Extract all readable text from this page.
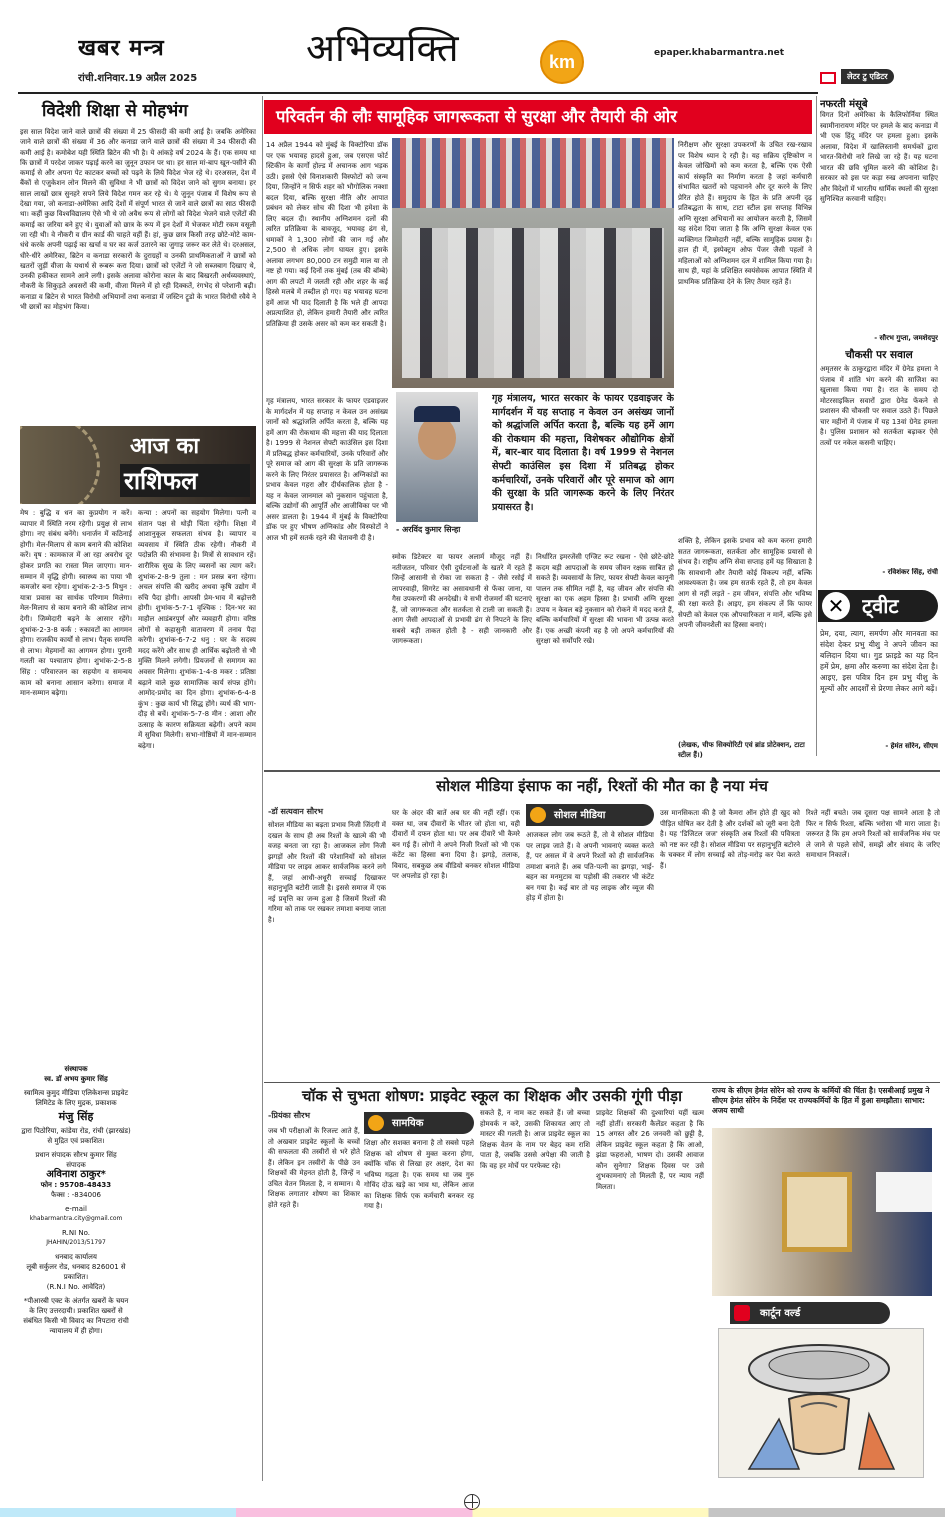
खबर मन्त्र
रांची.शनिवार.19 अप्रैल 2025
अभिव्यक्ति	km	epaper.khabarmantra.net
विदेशी शिक्षा से मोहभंग
इस साल विदेश जाने वाले छात्रों की संख्या में 25 फीसदी की कमी आई है। जबकि अमेरिका जाने वाले छात्रों की संख्या में 36 और कनाडा जाने वाले छात्रों की संख्या में 34 फीसदी की कमी आई है। कमोबेश यही स्थिति ब्रिटेन की भी है। ये आंकड़े वर्ष 2024 के हैं। एक समय था कि छात्रों में परदेश जाकर पढ़ाई करने का जुनून उफान पर था। हर साल मां-बाप खून-पसीने की कमाई से और अपना पेट काटकर बच्चों को पढ़ने के लिये विदेश भेज रहे थे। दरअसल, देश में बैंकों से एजुकेशन लोन मिलने की सुविधा ने भी छात्रों को विदेश जाने को सुगम बनाया। हर साल लाखों छात्र सुनहरे सपने लिये विदेश गमन कर रहे थे। ये जुनून पंजाब में विशेष रूप से देखा गया, जो कनाडा-अमेरिका आदि देशों में संपूर्ण भारत से जाने वाले छात्रों का साठ फीसदी था। कहीं कुछ विश्वविद्यालय ऐसे भी थे जो अवैध रूप से लोगों को विदेश भेजने वाले एजेंटों की कमाई का जरिया बने हुए थे। युवाओं को छात्र के रूप में इन देशों में भेजकर मोटी रकम वसूली जा रही थी। वे नौकरी व ग्रीन कार्ड की चाहते वहीं हैं। हां, कुछ छात्र किसी तरह छोटे-मोटे काम-धंधे करके अपनी पढ़ाई का खर्चा व घर का कर्ज उतारने का जुगाड़ जरूर कर लेते थे। दरअसल, धीरे-धीरे अमेरिका, ब्रिटेन व कनाडा सरकारों के दुराग्रहों व उनकी प्राथमिकताओं ने छात्रों को खतरों जुड़ीं वीजा के यथार्थ से रूबरू करा दिया। छात्रों को एजेंटों ने जो सब्जबाग दिखाए थे, उनकी हकीकत सामने आने लगी। इसके अलावा कोरोना काल के बाद बिखरती अर्थव्यवस्थाएं, नौकरी के सिकुड़ते अवसरों की कमी, वीजा मिलने में हो रही दिक्कतें, रंगभेद से परेशानी बढ़ी। कनाडा व ब्रिटेन से भारत विरोधी अभियानों तथा कनाडा में जस्टिन ट्रूडो के भारत विरोधी रवैये ने भी छात्रों का मोहभंग किया।
आज का
राशिफल
मेष : बुद्धि व धन का कुप्रयोग न करें। व्यापार में स्थिति नरम रहेगी। प्रयुक्ष से लाभ होगा। नए संबंध बनेंगे। धनार्जन में कठिनाई होगी। मेल-मिलाप से काम बनाने की कोशिश करें। वृष : कामकाज में आ रहा अवरोध दूर होकर प्रगति का रास्ता मिल जाएगा। मान-सम्मान में वृद्धि होगी। स्वास्थ्य का पाया भी कमजोर बना रहेगा। शुभांक-2-3-5 मिथुन : यात्रा प्रवास का सार्थक परिणाम मिलेगा। मेल-मिलाप से काम बनाने की कोशिश लाभ देगी। जिम्मेदारी बढ़ने के आसार रहेंगे। शुभांक-2-3-8 कर्क : रुकावटों का आगमन होगा। राजकीय कार्यों से लाभ। पैतृक सम्पत्ति से लाभ। मेहमानों का आगमन होगा। पुरानी गलती का पश्चाताप होगा। शुभांक-2-5-8 सिंह : परिवारजन का सहयोग व समन्वय काम को बनाना आसान करेगा। समाज में मान-सम्मान बढ़ेगा।
कन्या : अपनों का सहयोग मिलेगा। पत्नी व संतान पक्ष से थोड़ी चिंता रहेगी। शिक्षा में आशानुकूल सफलता संभव है। व्यापार व व्यवसाय में स्थिति ठीक रहेगी। नौकरी में पदोन्नति की संभावना है। मित्रों से सावधान रहें। शारीरिक सुख के लिए व्यसनों का त्याग करें। शुभांक-2-8-9 तुला : मन प्रसन्न बना रहेगा। अचल संपत्ति की खरीद अथवा कृषि उद्योग में रुचि पैदा होगी। आपसी प्रेम-भाव में बढ़ोत्तरी होगी। शुभांक-5-7-1 वृश्चिक : दिन-भर का माहौल आडंबरपूर्ण और व्यवहारी होगा। वरिष्ठ लोगों से कहासुनी वातावरण में तनाव पैदा करेगी। शुभांक-6-7-2 धनु : घर के सदस्य मदद करेंगे और साथ ही आर्थिक बढ़ोतरी से भी मुक्ति मिलने लगेगी। प्रियजनों से समागम का अवसर मिलेगा। शुभांक-1-4-8 मकर : प्रतिष्ठा बढ़ाने वाले कुछ सामाजिक कार्य संपन्न होंगे। आमोद-प्रमोद का दिन होगा। शुभांक-6-4-8 कुंभ : कुछ कार्य भी सिद्ध होंगे। व्यर्थ की भाग-दौड़ से बचें। शुभांक-5-7-8 मीन : आशा और उत्साह के कारण सक्रियता बढ़ेगी। अपने काम में सुविधा मिलेगी। सभा-गोष्ठियों में मान-सम्मान बढ़ेगा।
संस्थापक
स्व. डॉ अभय कुमार सिंह
स्वामित्व कुमुद मीडिया एलिकेशन्स प्राइवेट लिमिटेड के लिए मुद्रक, प्रकाशक
मंजु सिंह
द्वारा पिठोरिया, कांडेया रोड, रांची (झारखंड) से मुद्रित एवं प्रकाशित।
प्रधान संपादक सौरभ कुमार सिंह
संपादक
अविनाश ठाकुर*
फोन : 95708-48433
फैक्स : -834006
e-mail
khabarmantra.city@gmail.com
R.NI No.
JHAHIN/2013/51797
धनबाद कार्यालय
लूबी सर्कुलर रोड, धनबाद 826001 से प्रकाशित।
(R.N.I No. आवेदित)
*पीआरबी एक्ट के अंतर्गत खबरों के चयन के लिए उत्तरदायी। प्रकाशित खबरों से संबंधित किसी भी विवाद का निपटारा रांची न्यायालय में ही होगा।
परिवर्तन की लौः सामूहिक जागरूकता से सुरक्षा और तैयारी की ओर
14 अप्रैल 1944 को मुंबई के विक्टोरिया डॉक पर एक भयावह हादसे हुआ, जब एसएस फोर्ट स्टिकीन के कार्गो होल्ड में अचानक आग भड़क उठी। इससे ऐसे विनाशकारी विस्फोटों को जन्म दिया, जिन्होंने न सिर्फ शहर को भौगोलिक नक्शा बदल दिया, बल्कि सुरक्षा नीति और आपात प्रबंधन को लेकर सोच की दिशा भी हमेशा के लिए बदल दी। स्थानीय अग्निशमन दलों की त्वरित प्रतिक्रिया के बावजूद, भयावह ढंग से, धमाकों ने 1,300 लोगों की जान गई और 2,500 से अधिक लोग घायल हुए। इसके अलावा लगभग 80,000 टन समुद्री माल या तो नष्ट हो गया। कई दिनों तक मुंबई (तब की बॉम्बे) आग की लपटों में जलती रही और शहर के कई हिस्से मलबे में तब्दील हो गए। यह भयावह घटना हमें आज भी याद दिलाती है कि भले ही आपदा अप्रत्याशित हो, लेकिन हमारी तैयारी और त्वरित प्रतिक्रिया ही उसके असर को कम कर सकती है।
गृह मंत्रालय, भारत सरकार के फायर एडवाइजर के मार्गदर्शन में यह सप्ताह न केवल उन असंख्य जानों को श्रद्धांजलि अर्पित करता है, बल्कि यह हमें आग की रोकथाम की महत्ता की याद दिलाता है। 1999 से नेशनल सेफ्टी काउंसिल इस दिशा में प्रतिबद्ध होकर कर्मचारियों, उनके परिवारों और पूरे समाज को आग की सुरक्षा के प्रति जागरूक करने के लिए निरंतर प्रयासरत है। अग्निकांडों का प्रभाव केवल गहरा और दीर्घकालिक होता है - यह न केवल जानमाल को नुकसान पहुंचाता है, बल्कि उद्योगों की आपूर्ति और आजीविका पर भी असर डालता है। 1944 में मुंबई के विक्टोरिया डॉक पर हुए भीषण अग्निकांड और विस्फोटों ने आज भी हमें सतर्क रहने की चेतावनी दी है।
निरीक्षण और सुरक्षा उपकरणों के उचित रख-रखाव पर विशेष ध्यान दे रही है। यह सक्रिय दृष्टिकोण न केवल जोखिमों को कम करता है, बल्कि एक ऐसी कार्य संस्कृति का निर्माण करता है जहां कर्मचारी संभावित खतरों को पहचानने और दूर करने के लिए प्रेरित होते हैं। समुदाय के हित के प्रति अपनी दृढ़ प्रतिबद्धता के साथ, टाटा स्टील इस सप्ताह विभिन्न अग्नि सुरक्षा अभियानों का आयोजन करती है, जिसमें यह संदेश दिया जाता है कि अग्नि सुरक्षा केवल एक व्यक्तिगत जिम्मेदारी नहीं, बल्कि सामूहिक प्रयास है। हाल ही में, इस्पेक्ट्रम ओफ पेंजर जैसी पहलों ने महिलाओं को अग्निशमन दल में शामिल किया गया है। साथ ही, यहां के प्रशिक्षित स्वयंसेवक आपात स्थिति में प्राथमिक प्रतिक्रिया देने के लिए तैयार रहते हैं।
- अरविंद कुमार सिन्हा
गृह मंत्रालय, भारत सरकार के फायर एडवाइजर के मार्गदर्शन में यह सप्ताह न केवल उन असंख्य जानों को श्रद्धांजलि अर्पित करता है, बल्कि यह हमें आग की रोकथाम की महत्ता, विशेषकर औद्योगिक क्षेत्रों में, बार-बार याद दिलाता है। वर्ष 1999 से नेशनल सेफ्टी काउंसिल इस दिशा में प्रतिबद्ध होकर कर्मचारियों, उनके परिवारों और पूरे समाज को आग की सुरक्षा के प्रति जागरूक करने के लिए निरंतर प्रयासरत है।
स्मोक डिटेक्टर या फायर अलार्म मौजूद नहीं हैं। नतीजतन, परिवार ऐसी दुर्घटनाओं के खतरे में रहते हैं जिन्हें आसानी से रोका जा सकता है - जैसे रसोई में लापरवाही, सिगरेट का असावधानी से फेंका जाना, या गैस उपकरणों की अनदेखी। ये सभी रोजमर्रा की घटनाएं हैं, जो जागरूकता और सतर्कता से टाली जा सकती हैं। आग जैसी आपदाओं से प्रभावी ढंग से निपटने के लिए सबसे बड़ी ताकत होती है - सही जानकारी और जागरूकता।
निर्धारित इमरजेंसी एग्जिट रूट रखना - ऐसे छोटे-छोटे कदम बड़ी आपदाओं के समय जीवन रक्षक साबित हो सकते हैं। व्यवसायों के लिए, फायर सेफ्टी केवल कानूनी पालन तक सीमित नहीं है, यह जीवन और संपत्ति की सुरक्षा का एक अहम हिस्सा है। प्रभावी अग्नि सुरक्षा उपाय न केवल बड़े नुकसान को रोकने में मदद करते हैं, बल्कि कर्मचारियों में सुरक्षा की भावना भी उत्पन्न करते हैं। एक अच्छी कंपनी वह है जो अपने कर्मचारियों की सुरक्षा को सर्वोपरि रखे।
शक्ति है, लेकिन इसके प्रभाव को कम करना हमारी सतत जागरूकता, सतर्कता और सामूहिक प्रयासों से संभव है। राष्ट्रीय अग्नि सेवा सप्ताह हमें यह सिखाता है कि सावधानी और तैयारी कोई विकल्प नहीं, बल्कि आवश्यकता है। जब हम सतर्क रहते हैं, तो हम केवल आग से नहीं लड़ते - हम जीवन, संपत्ति और भविष्य की रक्षा करते हैं। आइए, हम संकल्प लें कि फायर सेफ्टी को केवल एक औपचारिकता न मानें, बल्कि इसे अपनी जीवनशैली का हिस्सा बनाएं।
(लेखक, चीफ सिक्योरिटी एवं ब्रांड प्रोटेक्शन, टाटा स्टील हैं।)
लेटर टु एडिटर
नफरती मंसूबे
विगत दिनों अमेरिका के कैलिफोर्निया स्थित स्वामीनारायण मंदिर पर हमले के बाद कनाडा में भी एक हिंदू मंदिर पर हमला हुआ। इसके अलावा, विदेश में खालिस्तानी समर्थकों द्वारा भारत-विरोधी नारे लिखे जा रहे हैं। यह घटना भारत की छवि धूमिल करने की कोशिश है। सरकार को इस पर कड़ा रुख अपनाना चाहिए और विदेशों में भारतीय धार्मिक स्थलों की सुरक्षा सुनिश्चित करवानी चाहिए।
- सौरभ गुप्ता, जमशेदपुर
चौकसी पर सवाल
अमृतसर के ठाकुरद्वारा मंदिर में ग्रेनेड हमला ने पंजाब में शांति भंग करने की साजिश का खुलासा किया गया है। रात के समय दो मोटरसाइकिल सवारों द्वारा ग्रेनेड फेंकने से प्रशासन की चौकसी पर सवाल उठते हैं। पिछले चार महीनों में पंजाब में यह 13वां ग्रेनेड हमला है। पुलिस प्रशासन को सतर्कता बढ़ाकर ऐसे तत्वों पर नकेल कसनी चाहिए।
- रविशंकर सिंह, रांची
✕ ट्वीट
प्रेम, दया, त्याग, समर्पण और मानवता का संदेश देकर प्रभु यीशु ने अपने जीवन का बलिदान दिया था। गुड फ्राइडे का यह दिन हमें प्रेम, क्षमा और करुणा का संदेश देता है। आइए, इस पवित्र दिन हम प्रभु यीशु के मूल्यों और आदर्शों से प्रेरणा लेकर आगे बढ़ें।
- हेमंत सोरेन, सीएम
सोशल मीडिया इंसाफ का नहीं, रिश्तों की मौत का है नया मंच
-डॉ सत्यवान सौरभ	सोशल मीडिया
सोशल मीडिया का बढ़ता प्रभाव निजी जिंदगी में दखल के साथ ही अब रिश्तों के खात्मे की भी वजह बनता जा रहा है। आजकल लोग निजी झगड़ों और रिश्तों की परेशानियों को सोशल मीडिया पर लाइव आकर सार्वजनिक करने लगे हैं, जहां आधी-अधूरी सच्चाई दिखाकर सहानुभूति बटोरी जाती है। इससे समाज में एक नई प्रवृत्ति का जन्म हुआ है जिसमें रिश्तों की गरिमा को ताक पर रखकर तमाशा बनाया जाता है।
घर के अंदर की बातें अब घर की नहीं रहीं। एक वक्त था, जब दीवारों के भीतर जो होता था, वही दीवारों में दफन होता था। पर अब दीवारें भी कैमरे बन गई हैं। लोगों ने अपने निजी रिश्तों को भी एक कंटेंट का हिस्सा बना दिया है। झगड़े, तलाक, विवाद, सबकुछ अब वीडियो बनकर सोशल मीडिया पर अपलोड हो रहा है।
आजकल लोग जब रूठते हैं, तो वे सोशल मीडिया पर लाइव जाते हैं। वे अपनी भावनाएं व्यक्त करते हैं, पर असल में वे अपने रिश्तों को ही सार्वजनिक तमाशा बनाते हैं। अब पति-पत्नी का झगड़ा, भाई-बहन का मनमुटाव या पड़ोसी की तकरार भी कंटेंट बन गया है। कई बार तो यह लाइक और व्यूज की होड़ में होता है।
उस मानसिकता की है जो कैमरा ऑन होते ही खुद को पीड़ित घोषित कर देती है और दर्शकों को जूरी बना देती है। यह 'डिजिटल जज' संस्कृति अब रिश्तों की पवित्रता को नष्ट कर रही है। सोशल मीडिया पर सहानुभूति बटोरने के चक्कर में लोग सच्चाई को तोड़-मरोड़ कर पेश करते हैं।
रिश्ते नहीं बचते। जब दूसरा पक्ष सामने आता है तो फिर न सिर्फ रिश्ता, बल्कि भरोसा भी मारा जाता है। जरूरत है कि हम अपने रिश्तों को सार्वजनिक मंच पर ले जाने से पहले सोचें, समझें और संवाद के जरिए समाधान निकालें।
चॉक से चुभता शोषण: प्राइवेट स्कूल का शिक्षक और उसकी गूंगी पीड़ा
-प्रियंका सौरभ
सामयिक
जब भी परीक्षाओं के रिजल्ट आते हैं, तो अखबार प्राइवेट स्कूलों के बच्चों की सफलता की तस्वीरों से भरे होते हैं। लेकिन इन तस्वीरों के पीछे उन शिक्षकों की मेहनत होती है, जिन्हें न उचित वेतन मिलता है, न सम्मान। ये शिक्षक लगातार शोषण का शिकार होते रहते हैं।
शिक्षा और सशक्त बनाना है तो सबसे पहले शिक्षक को शोषण से मुक्त करना होगा, क्योंकि चॉक से लिखा हर अक्षर, देश का भविष्य गढ़ता है। एक समय था जब गुरु गोविंद दोऊ खड़े का भाव था, लेकिन आज का शिक्षक सिर्फ एक कर्मचारी बनकर रह गया है।
सकते हैं, न नाम कट सकते हैं। जो बच्चा होमवर्क न करे, उसकी शिकायत आए तो मास्टर की गलती है। आज प्राइवेट स्कूल का शिक्षक वेतन के नाम पर बेहद कम राशि पाता है, जबकि उससे अपेक्षा की जाती है कि वह हर मोर्चे पर परफेक्ट रहे।
प्राइवेट शिक्षकों की दुश्वारियां यहीं खत्म नहीं होतीं। सरकारी कैलेंडर कहता है कि 15 अगस्त और 26 जनवरी को छुट्टी है, लेकिन प्राइवेट स्कूल कहता है कि आओ, झंडा फहराओ, भाषण दो। उसकी आवाज कौन सुनेगा? शिक्षक दिवस पर उसे शुभकामनाएं तो मिलती हैं, पर न्याय नहीं मिलता।
राज्य के सीएम हेमंत सोरेन को राज्य के कर्मियों की चिंता है। एसबीआई प्रमुख ने सीएम हेमंत सोरेन के निर्देश पर राज्यकर्मियों के हित में हुआ समझौता। साभार: अजय साथी
कार्टून वर्ल्ड
